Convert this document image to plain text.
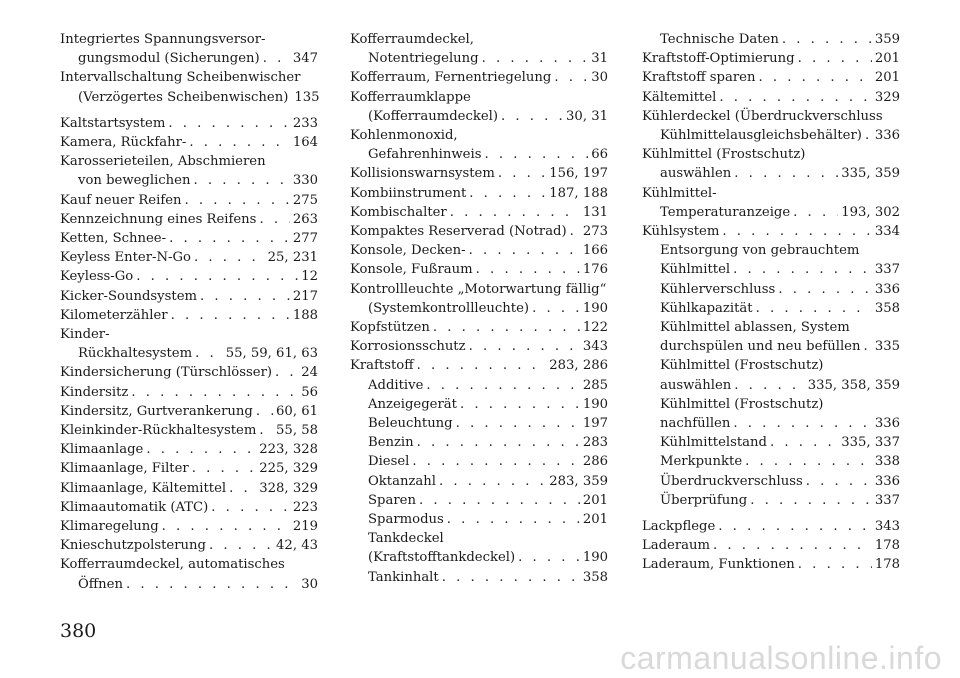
Integriertes Spannungsversor-
gungsmodul (Sicherungen) . . .	347
Intervallschaltung Scheibenwischer
(Verzögertes Scheibenwischen) 135
Kaltstartsystem . . .	233
Kamera, Rückfahr- . . .	164
Karosserieteilen, Abschmieren
von beweglichen . . .	330
Kauf neuer Reifen . . .	275
Kennzeichnung eines Reifens . . .	263
Ketten, Schnee- . . .	277
Keyless Enter-N-Go . . .	25, 231
Keyless-Go . . .	12
Kicker-Soundsystem . . .	217
Kilometerzähler . . .	188
Kinder-
Rückhaltesystem . . .	55, 59, 61, 63
Kindersicherung (Türschlösser) . . . 24
Kindersitz . . .	56
Kindersitz, Gurtverankerung . . . 60, 61
Kleinkinder-Rückhaltesystem . . . 55, 58
Klimaanlage . . .	223, 328
Klimaanlage, Filter . . .	225, 329
Klimaanlage, Kältemittel . . .	328, 329
Klimaautomatik (ATC) . . .	223
Klimaregelung . . .	219
Knieschutzpolsterung . . .	42, 43
Kofferraumdeckel, automatisches
Öffnen . . .	30
Kofferraumdeckel,
Notentriegelung . . .	31
Kofferraum, Fernentriegelung . . .	30
Kofferraumklappe
(Kofferraumdeckel) . . .	30, 31
Kohlenmonoxid,
Gefahrenhinweis . . .	66
Kollisionswarnsystem . . .	156, 197
Kombiinstrument . . .	187, 188
Kombischalter . . .	131
Kompaktes Reserverad (Notrad) . . . 273
Konsole, Decken- . . .	166
Konsole, Fußraum . . .	176
Kontrollleuchte „Motorwartung fällig“
(Systemkontrollleuchte) . . .	190
Kopfstützen . . .	122
Korrosionsschutz . . .	343
Kraftstoff . . .	283, 286
Additive . . .	285
Anzeigegerät . . .	190
Beleuchtung . . .	197
Benzin . . .	283
Diesel . . .	286
Oktanzahl . . .	283, 359
Sparen . . .	201
Sparmodus . . .	201
Tankdeckel
(Kraftstofftankdeckel) . . .	190
Tankinhalt . . .	358
Technische Daten . . .	359
Kraftstoff-Optimierung . . .	201
Kraftstoff sparen . . .	201
Kältemittel . . .	329
Kühlerdeckel (Überdruckverschluss
Kühlmittelausgleichsbehälter) . . . 336
Kühlmittel (Frostschutz)
auswählen . . .	335, 359
Kühlmittel-
Temperaturanzeige . . .	193, 302
Kühlsystem . . .	334
Entsorgung von gebrauchtem
Kühlmittel . . .	337
Kühlerverschluss . . .	336
Kühlkapazität . . .	358
Kühlmittel ablassen, System
durchspülen und neu befüllen . . . 335
Kühlmittel (Frostschutz)
auswählen . . .	335, 358, 359
Kühlmittel (Frostschutz)
nachfüllen . . .	336
Kühlmittelstand . . .	335, 337
Merkpunkte . . .	338
Überdruckverschluss . . .	336
Überprüfung . . .	337
Lackpflege . . .	343
Laderaum . . .	178
Laderaum, Funktionen . . .	178
380
carmanualsonline.info
